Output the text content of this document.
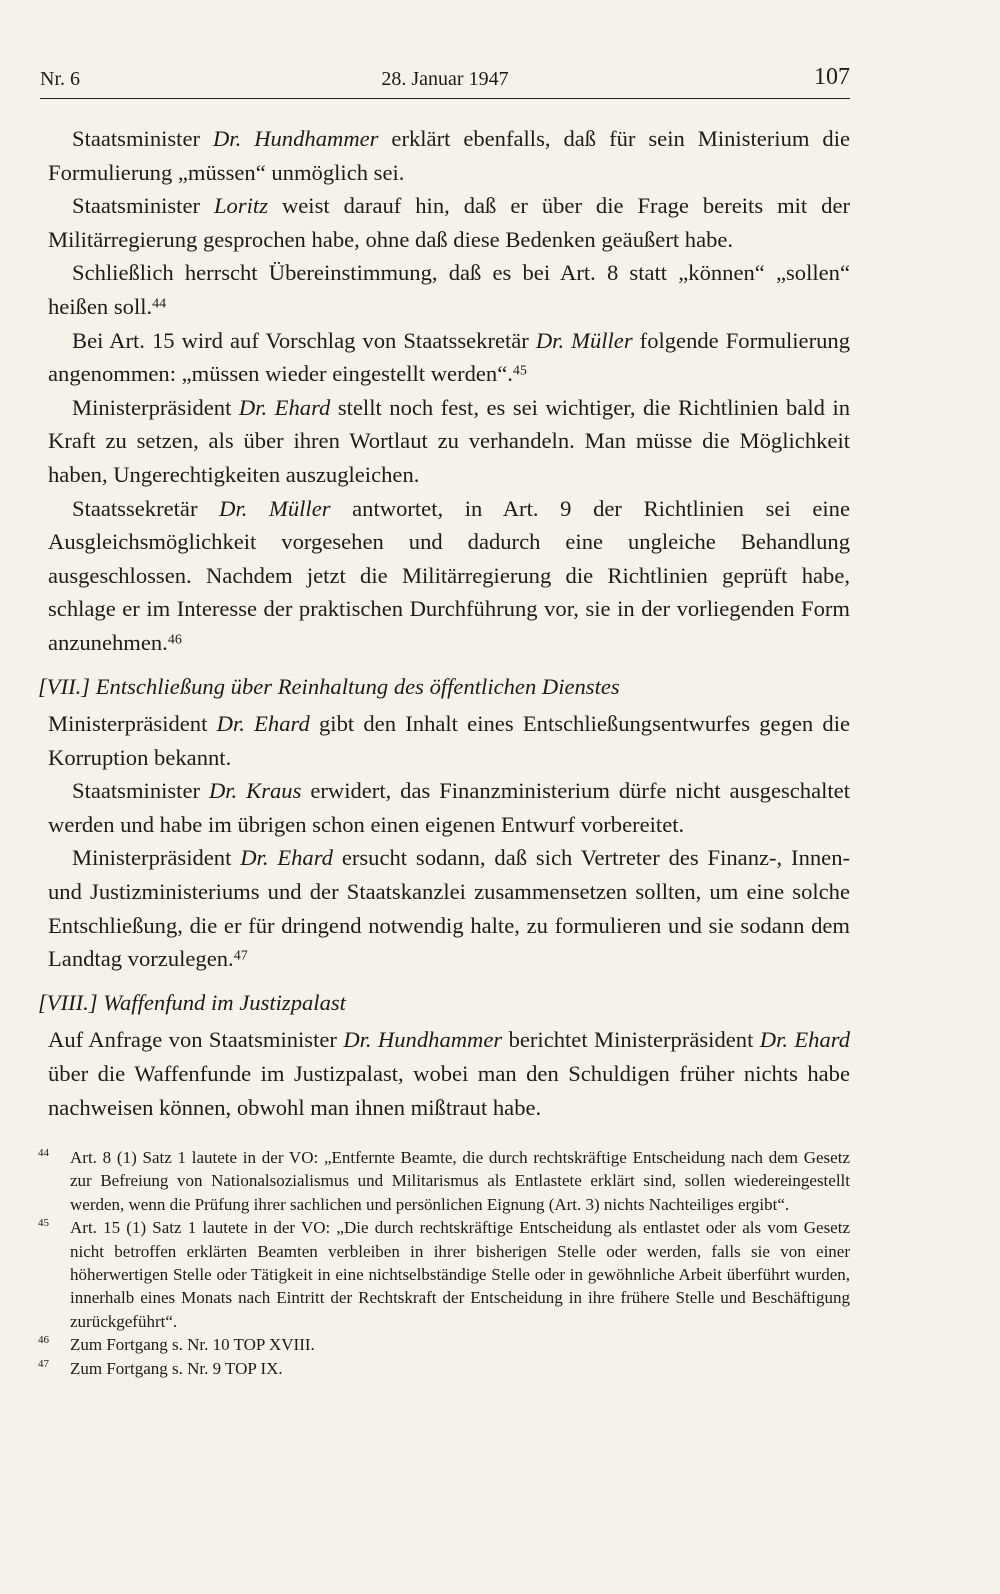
Nr. 6	28. Januar 1947	107

Staatsminister Dr. Hundhammer erklärt ebenfalls, daß für sein Ministerium die Formulierung „müssen“ unmöglich sei.

Staatsminister Loritz weist darauf hin, daß er über die Frage bereits mit der Militärregierung gesprochen habe, ohne daß diese Bedenken geäußert habe.

Schließlich herrscht Übereinstimmung, daß es bei Art. 8 statt „können“ „sollen“ heißen soll.$^{44}$

Bei Art. 15 wird auf Vorschlag von Staatssekretär Dr. Müller folgende Formulierung angenommen: „müssen wieder eingestellt werden“.$^{45}$

Ministerpräsident Dr. Ehard stellt noch fest, es sei wichtiger, die Richtlinien bald in Kraft zu setzen, als über ihren Wortlaut zu verhandeln. Man müsse die Möglichkeit haben, Ungerechtigkeiten auszugleichen.

Staatssekretär Dr. Müller antwortet, in Art. 9 der Richtlinien sei eine Ausgleichsmöglichkeit vorgesehen und dadurch eine ungleiche Behandlung ausgeschlossen. Nachdem jetzt die Militärregierung die Richtlinien geprüft habe, schlage er im Interesse der praktischen Durchführung vor, sie in der vorliegenden Form anzunehmen.$^{46}$

[VII.] Entschließung über Reinhaltung des öffentlichen Dienstes

Ministerpräsident Dr. Ehard gibt den Inhalt eines Entschließungsentwurfes gegen die Korruption bekannt.

Staatsminister Dr. Kraus erwidert, das Finanzministerium dürfe nicht ausgeschaltet werden und habe im übrigen schon einen eigenen Entwurf vorbereitet.

Ministerpräsident Dr. Ehard ersucht sodann, daß sich Vertreter des Finanz-, Innen- und Justizministeriums und der Staatskanzlei zusammensetzen sollten, um eine solche Entschließung, die er für dringend notwendig halte, zu formulieren und sie sodann dem Landtag vorzulegen.$^{47}$

[VIII.] Waffenfund im Justizpalast

Auf Anfrage von Staatsminister Dr. Hundhammer berichtet Ministerpräsident Dr. Ehard über die Waffenfunde im Justizpalast, wobei man den Schuldigen früher nichts habe nachweisen können, obwohl man ihnen mißtraut habe.

44 Art. 8 (1) Satz 1 lautete in der VO: „Entfernte Beamte, die durch rechtskräftige Entscheidung nach dem Gesetz zur Befreiung von Nationalsozialismus und Militarismus als Entlastete erklärt sind, sollen wiedereingestellt werden, wenn die Prüfung ihrer sachlichen und persönlichen Eignung (Art. 3) nichts Nachteiliges ergibt“.
45 Art. 15 (1) Satz 1 lautete in der VO: „Die durch rechtskräftige Entscheidung als entlastet oder als vom Gesetz nicht betroffen erklärten Beamten verbleiben in ihrer bisherigen Stelle oder werden, falls sie von einer höherwertigen Stelle oder Tätigkeit in eine nichtselbständige Stelle oder in gewöhnliche Arbeit überführt wurden, innerhalb eines Monats nach Eintritt der Rechtskraft der Entscheidung in ihre frühere Stelle und Beschäftigung zurückgeführt“.
46 Zum Fortgang s. Nr. 10 TOP XVIII.
47 Zum Fortgang s. Nr. 9 TOP IX.
